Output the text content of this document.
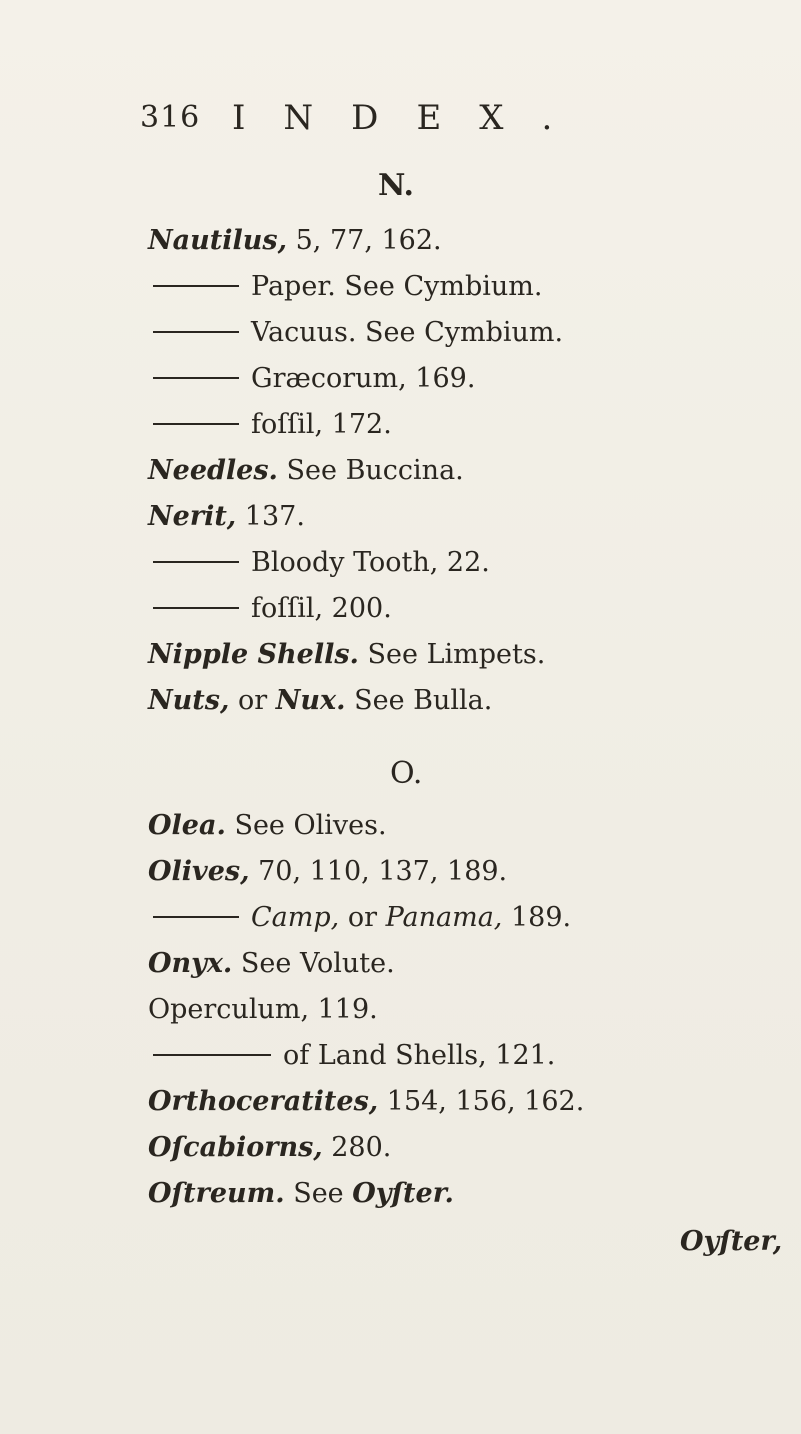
316 INDEX.
N.
Nautilus, 5, 77, 162.
Paper. See Cymbium.
Vacuus. See Cymbium.
Græcorum, 169.
foſſil, 172.
Needles. See Buccina.
Nerit, 137.
Bloody Tooth, 22.
foſſil, 200.
Nipple Shells. See Limpets.
Nuts, or Nux. See Bulla.
O.
Olea. See Olives.
Olives, 70, 110, 137, 189.
Camp, or Panama, 189.
Onyx. See Volute.
Operculum, 119.
of Land Shells, 121.
Orthoceratites, 154, 156, 162.
Oſcabiorns, 280.
Oſtreum. See Oyſter.
Oyſter,
